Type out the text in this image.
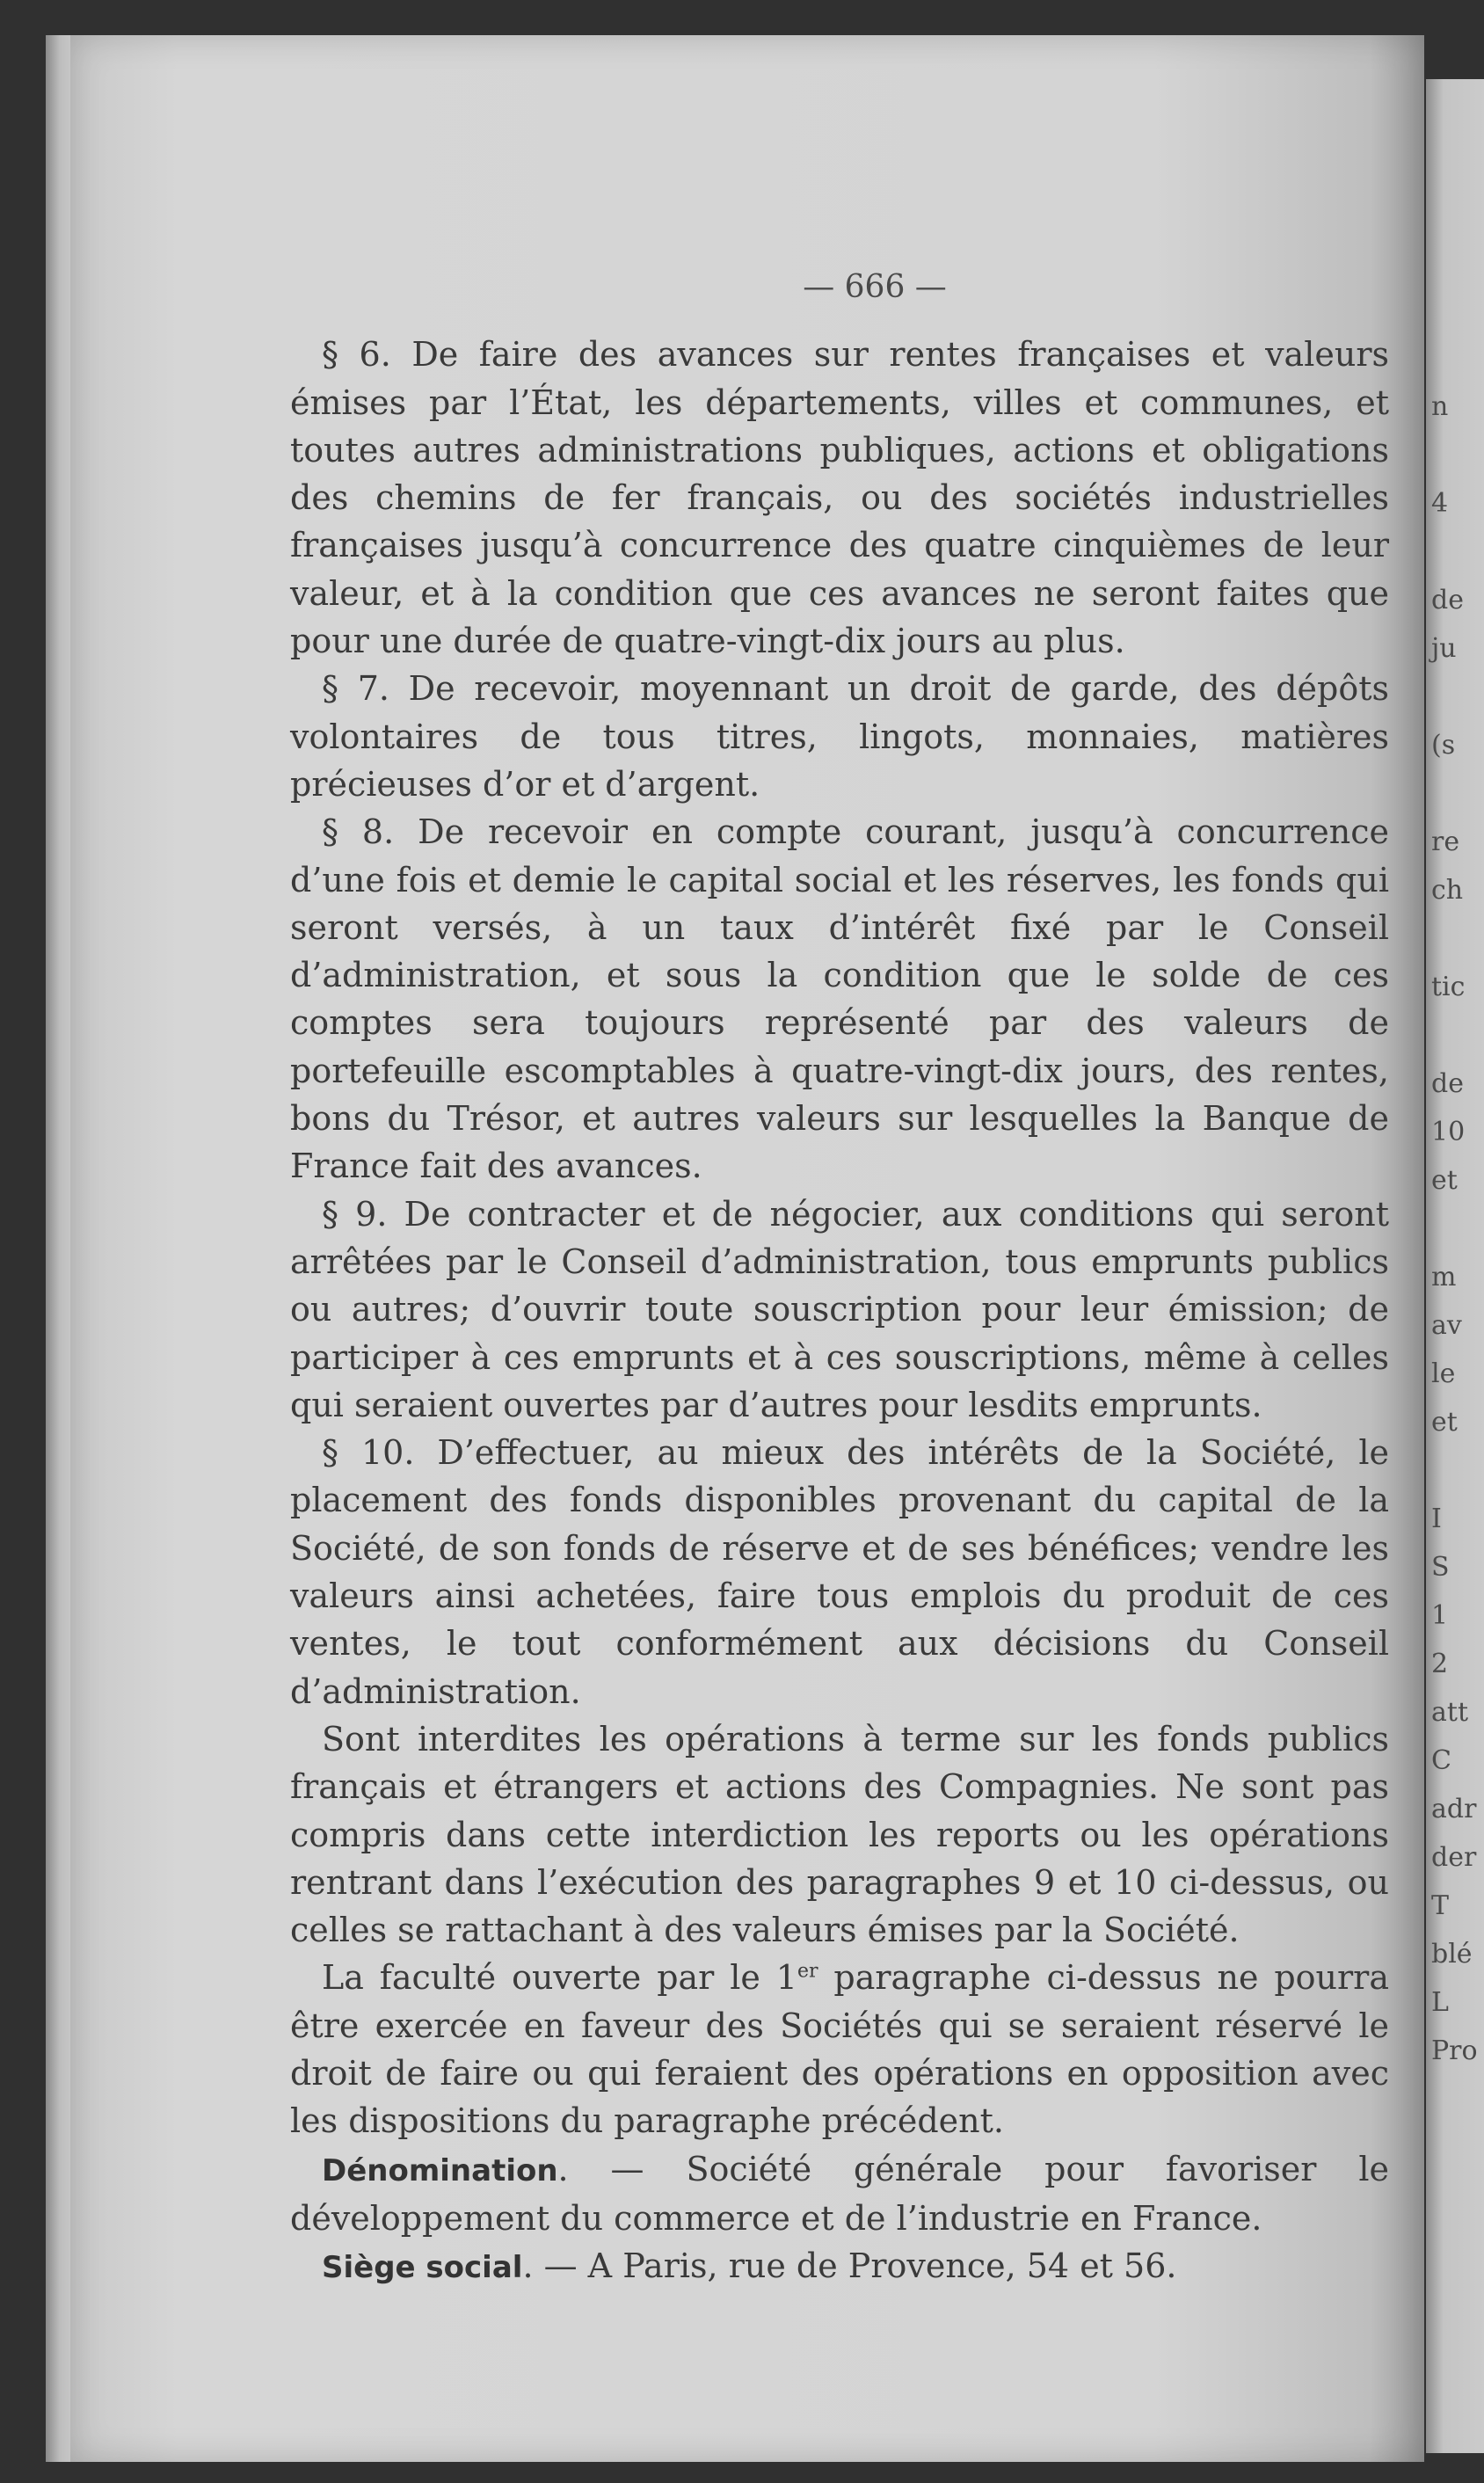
n
4
de
ju
(s
re
ch
tic
de
10
et
m
av
le
et
I
S
1
2
att
C
adr
der
T
blé
L
Pro
— 666 —

§ 6. De faire des avances sur rentes françaises et valeurs émises par l’État, les départements, villes et communes, et toutes autres administrations publiques, actions et obligations des chemins de fer français, ou des sociétés industrielles françaises jusqu’à concurrence des quatre cinquièmes de leur valeur, et à la condition que ces avances ne seront faites que pour une durée de quatre-vingt-dix jours au plus.

§ 7. De recevoir, moyennant un droit de garde, des dépôts volontaires de tous titres, lingots, monnaies, matières précieuses d’or et d’argent.

§ 8. De recevoir en compte courant, jusqu’à concurrence d’une fois et demie le capital social et les réserves, les fonds qui seront versés, à un taux d’intérêt fixé par le Conseil d’administration, et sous la condition que le solde de ces comptes sera toujours représenté par des valeurs de portefeuille escomptables à quatre-vingt-dix jours, des rentes, bons du Trésor, et autres valeurs sur lesquelles la Banque de France fait des avances.

§ 9. De contracter et de négocier, aux conditions qui seront arrêtées par le Conseil d’administration, tous emprunts publics ou autres; d’ouvrir toute souscription pour leur émission; de participer à ces emprunts et à ces souscriptions, même à celles qui seraient ouvertes par d’autres pour lesdits emprunts.

§ 10. D’effectuer, au mieux des intérêts de la Société, le placement des fonds disponibles provenant du capital de la Société, de son fonds de réserve et de ses bénéfices; vendre les valeurs ainsi achetées, faire tous emplois du produit de ces ventes, le tout conformément aux décisions du Conseil d’administration.

Sont interdites les opérations à terme sur les fonds publics français et étrangers et actions des Compagnies. Ne sont pas compris dans cette interdiction les reports ou les opérations rentrant dans l’exécution des paragraphes 9 et 10 ci-dessus, ou celles se rattachant à des valeurs émises par la Société.

La faculté ouverte par le 1er paragraphe ci-dessus ne pourra être exercée en faveur des Sociétés qui se seraient réservé le droit de faire ou qui feraient des opérations en opposition avec les dispositions du paragraphe précédent.

Dénomination. — Société générale pour favoriser le développement du commerce et de l’industrie en France.

Siège social. — A Paris, rue de Provence, 54 et 56.
